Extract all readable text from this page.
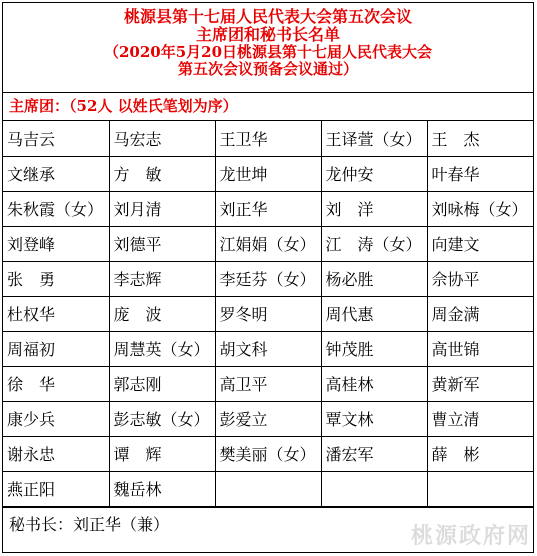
桃源县第十七届人民代表大会第五次会议
主席团和秘书长名单
（2020年5月20日桃源县第十七届人民代表大会
第五次会议预备会议通过）
主席团：（52人 以姓氏笔划为序）
马吉云	马宏志	王卫华	王译萱（女）	王　杰
文继承	方　敏	龙世坤	龙仲安	叶春华
朱秋霞（女）	刘月清	刘正华	刘　洋	刘咏梅（女）
刘登峰	刘德平	江娟娟（女）	江　涛（女）	向建文
张　勇	李志辉	李廷芬（女）	杨必胜	佘协平
杜权华	庞　波	罗冬明	周代惠	周金满
周福初	周慧英（女）	胡文科	钟茂胜	高世锦
徐　华	郭志刚	高卫平	高桂林	黄新军
康少兵	彭志敏（女）	彭爱立	覃文林	曹立清
谢永忠	谭　辉	樊美丽（女）	潘宏军	薛　彬
燕正阳	魏岳林			
秘书长：刘正华（兼）	桃源政府网
